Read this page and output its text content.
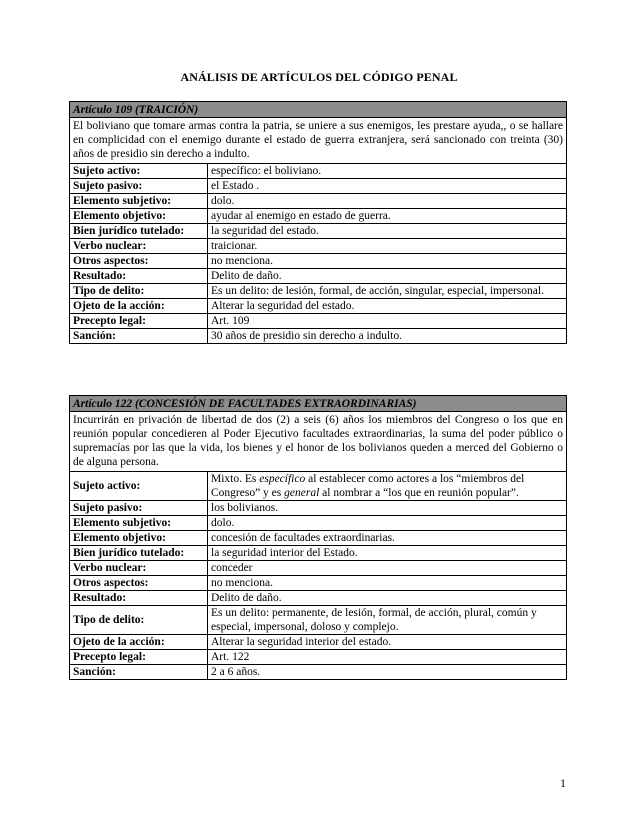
ANÁLISIS DE ARTÍCULOS DEL CÓDIGO PENAL
Artículo 109 (TRAICIÓN)	
El boliviano que tomare armas contra la patria, se uniere a sus enemigos, les prestare ayuda,, o se hallare en complicidad con el enemigo durante el estado de guerra extranjera, será sancionado con treinta (30) años de presidio sin derecho a indulto.	
Sujeto activo:	específico: el boliviano.
Sujeto pasivo:	el Estado .
Elemento subjetivo:	dolo.
Elemento objetivo:	ayudar al enemigo en estado de guerra.
Bien jurídico tutelado:	la seguridad del estado.
Verbo nuclear:	traicionar.
Otros aspectos:	no menciona.
Resultado:	Delito de daño.
Tipo de delito:	Es un delito: de lesión, formal, de acción, singular, especial, impersonal.
Ojeto de la acción:	Alterar la seguridad del estado.
Precepto legal:	Art. 109
Sanción:	30 años de presidio sin derecho a indulto.
Artículo 122 (CONCESIÓN DE FACULTADES EXTRAORDINARIAS)	
Incurrirán en privación de libertad de dos (2) a seis (6) años los miembros del Congreso o los que en reunión popular concedieren al Poder Ejecutivo facultades extraordinarias, la suma del poder público o supremacías por las que la vida, los bienes y el honor de los bolivianos queden a merced del Gobierno o de alguna persona.	
Sujeto activo:	Mixto. Es específico al establecer como actores a los “miembros del Congreso” y es general al nombrar a “los que en reunión popular”.
Sujeto pasivo:	los bolivianos.
Elemento subjetivo:	dolo.
Elemento objetivo:	concesión de facultades extraordinarias.
Bien jurídico tutelado:	la seguridad interior del Estado.
Verbo nuclear:	conceder
Otros aspectos:	no menciona.
Resultado:	Delito de daño.
Tipo de delito:	Es un delito: permanente, de lesión, formal, de acción, plural, común y especial, impersonal, doloso y complejo.
Ojeto de la acción:	Alterar la seguridad interior del estado.
Precepto legal:	Art. 122
Sanción:	2 a 6 años.
1
